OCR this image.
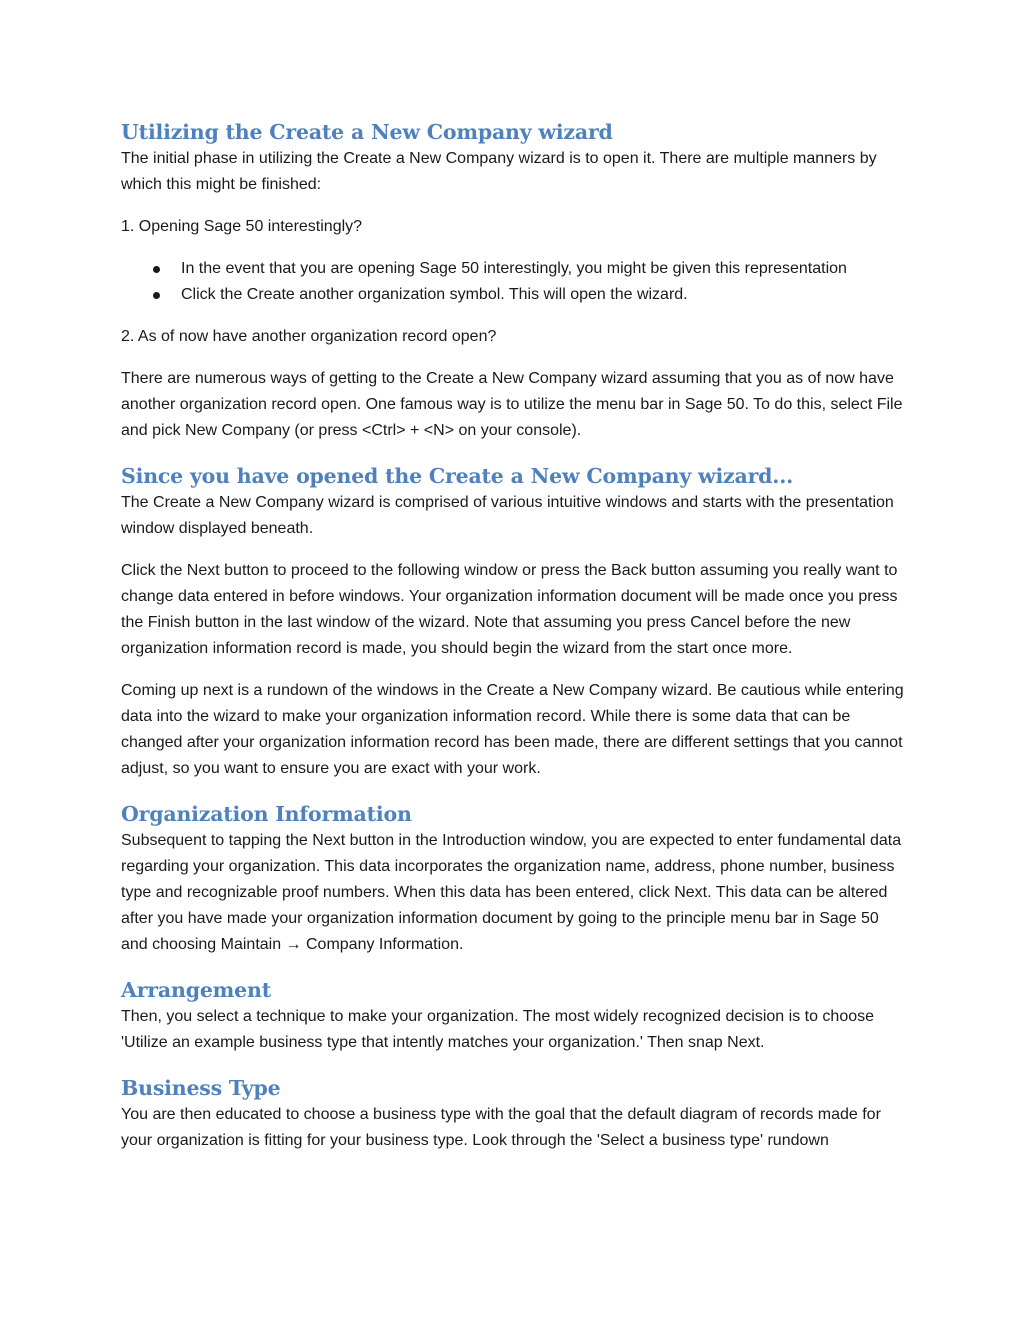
Utilizing the Create a New Company wizard

The initial phase in utilizing the Create a New Company wizard is to open it. There are multiple manners by which this might be finished:

1. Opening Sage 50 interestingly?

In the event that you are opening Sage 50 interestingly, you might be given this representation
Click the Create another organization symbol. This will open the wizard.

2. As of now have another organization record open?

There are numerous ways of getting to the Create a New Company wizard assuming that you as of now have another organization record open. One famous way is to utilize the menu bar in Sage 50. To do this, select File and pick New Company (or press <Ctrl> + <N> on your console).

Since you have opened the Create a New Company wizard...

The Create a New Company wizard is comprised of various intuitive windows and starts with the presentation window displayed beneath.

Click the Next button to proceed to the following window or press the Back button assuming you really want to change data entered in before windows. Your organization information document will be made once you press the Finish button in the last window of the wizard. Note that assuming you press Cancel before the new organization information record is made, you should begin the wizard from the start once more.

Coming up next is a rundown of the windows in the Create a New Company wizard. Be cautious while entering data into the wizard to make your organization information record. While there is some data that can be changed after your organization information record has been made, there are different settings that you cannot adjust, so you want to ensure you are exact with your work.

Organization Information

Subsequent to tapping the Next button in the Introduction window, you are expected to enter fundamental data regarding your organization. This data incorporates the organization name, address, phone number, business type and recognizable proof numbers. When this data has been entered, click Next. This data can be altered after you have made your organization information document by going to the principle menu bar in Sage 50 and choosing Maintain → Company Information.

Arrangement

Then, you select a technique to make your organization. The most widely recognized decision is to choose 'Utilize an example business type that intently matches your organization.' Then snap Next.

Business Type

You are then educated to choose a business type with the goal that the default diagram of records made for your organization is fitting for your business type. Look through the 'Select a business type' rundown
